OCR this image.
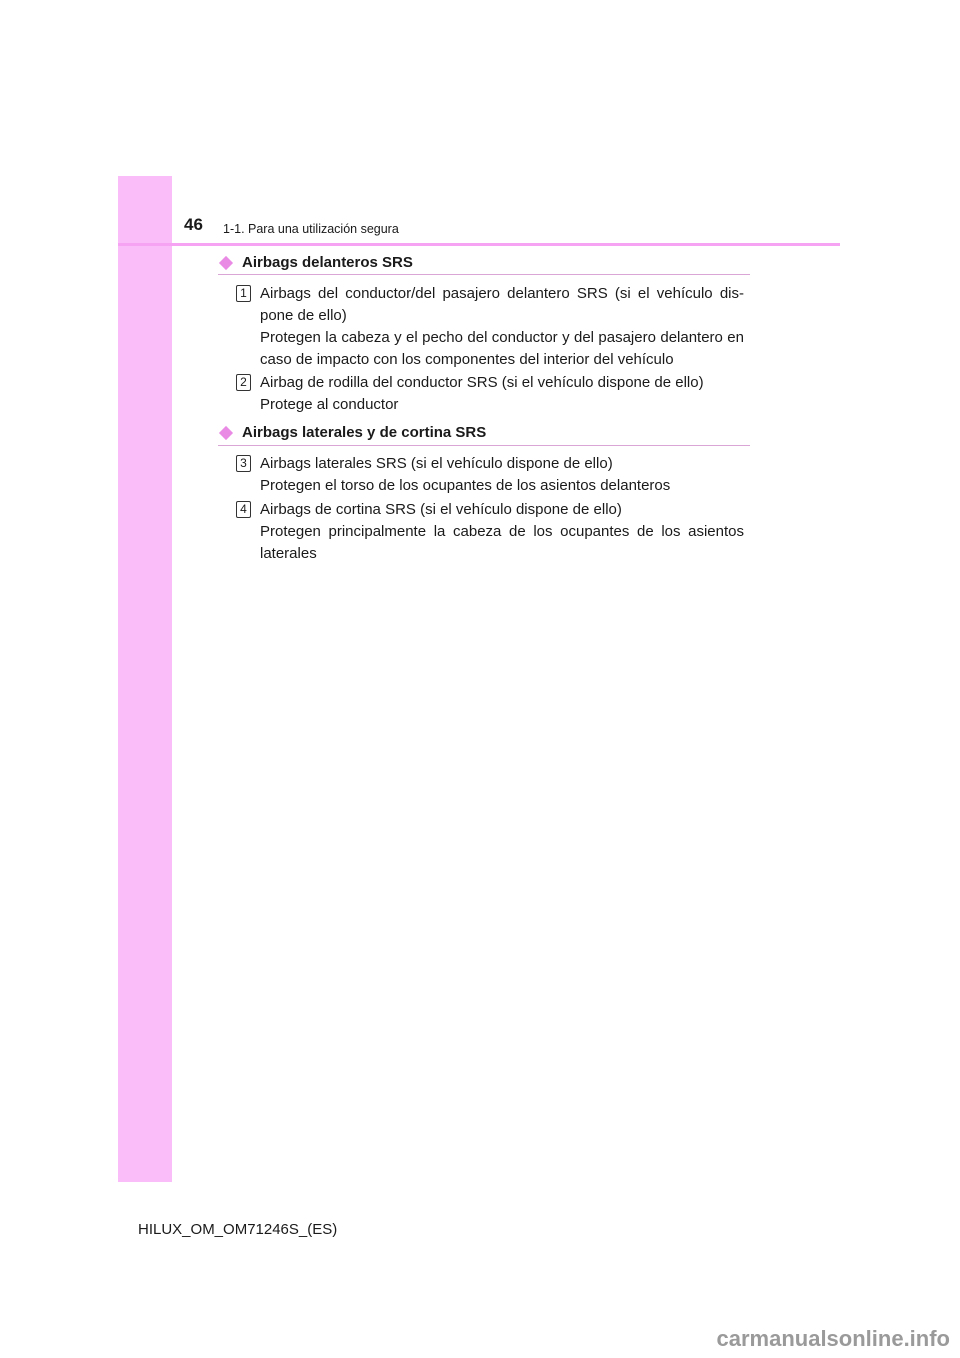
46 1-1. Para una utilización segura
Airbags delanteros SRS
1 Airbags del conductor/del pasajero delantero SRS (si el vehículo dis-pone de ello)

Protegen la cabeza y el pecho del conductor y del pasajero delantero en caso de impacto con los componentes del interior del vehículo

2 Airbag de rodilla del conductor SRS (si el vehículo dispone de ello)

Protege al conductor

Airbags laterales y de cortina SRS
3 Airbags laterales SRS (si el vehículo dispone de ello)

Protegen el torso de los ocupantes de los asientos delanteros

4 Airbags de cortina SRS (si el vehículo dispone de ello)

Protegen principalmente la cabeza de los ocupantes de los asientos laterales

HILUX_OM_OM71246S_(ES)
carmanualsonline.info
